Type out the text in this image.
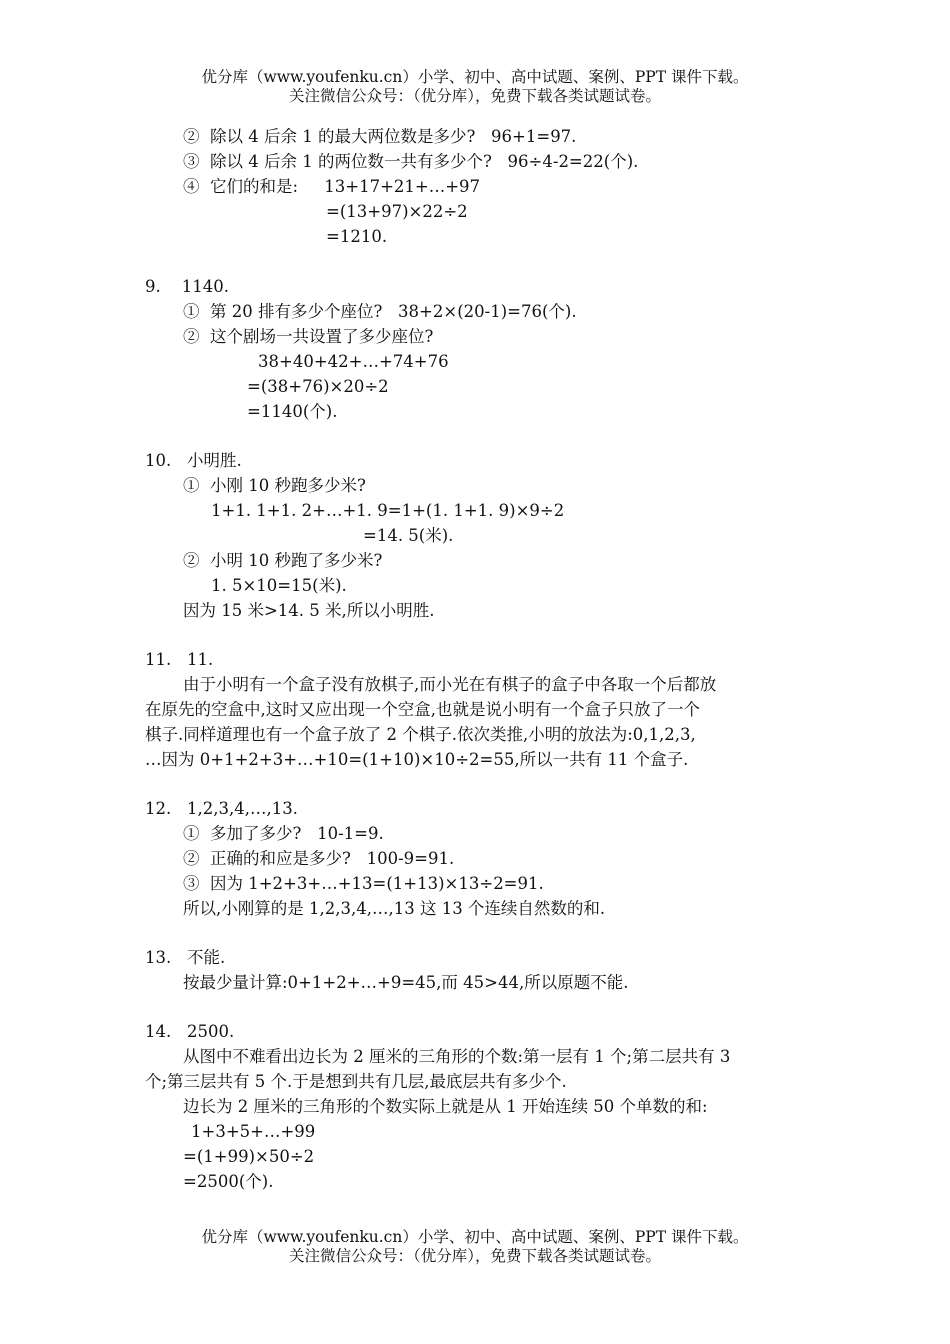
优分库（www.youfenku.cn）小学、初中、高中试题、案例、PPT 课件下载。
关注微信公众号：（优分库），免费下载各类试题试卷。
②  除以 4 后余 1 的最大两位数是多少?   96+1=97.
③  除以 4 后余 1 的两位数一共有多少个?   96÷4-2=22(个).
④  它们的和是:     13+17+21+…+97
=(13+97)×22÷2
=1210.
9.    1140.
①  第 20 排有多少个座位?   38+2×(20-1)=76(个).
②  这个剧场一共设置了多少座位?
38+40+42+…+74+76
=(38+76)×20÷2
=1140(个).
10.   小明胜.
①  小刚 10 秒跑多少米?
1+1. 1+1. 2+…+1. 9=1+(1. 1+1. 9)×9÷2
=14. 5(米).
②  小明 10 秒跑了多少米?
1. 5×10=15(米).
因为 15 米>14. 5 米,所以小明胜.
11.   11.
由于小明有一个盒子没有放棋子,而小光在有棋子的盒子中各取一个后都放
在原先的空盒中,这时又应出现一个空盒,也就是说小明有一个盒子只放了一个
棋子.同样道理也有一个盒子放了 2 个棋子.依次类推,小明的放法为:0,1,2,3,
…因为 0+1+2+3+…+10=(1+10)×10÷2=55,所以一共有 11 个盒子.
12.   1,2,3,4,…,13.
①  多加了多少?   10-1=9.
②  正确的和应是多少?   100-9=91.
③  因为 1+2+3+…+13=(1+13)×13÷2=91.
所以,小刚算的是 1,2,3,4,…,13 这 13 个连续自然数的和.
13.   不能.
按最少量计算:0+1+2+…+9=45,而 45>44,所以原题不能.
14.   2500.
从图中不难看出边长为 2 厘米的三角形的个数:第一层有 1 个;第二层共有 3
个;第三层共有 5 个.于是想到共有几层,最底层共有多少个.
边长为 2 厘米的三角形的个数实际上就是从 1 开始连续 50 个单数的和:
1+3+5+…+99
=(1+99)×50÷2
=2500(个).
优分库（www.youfenku.cn）小学、初中、高中试题、案例、PPT 课件下载。
关注微信公众号：（优分库），免费下载各类试题试卷。
